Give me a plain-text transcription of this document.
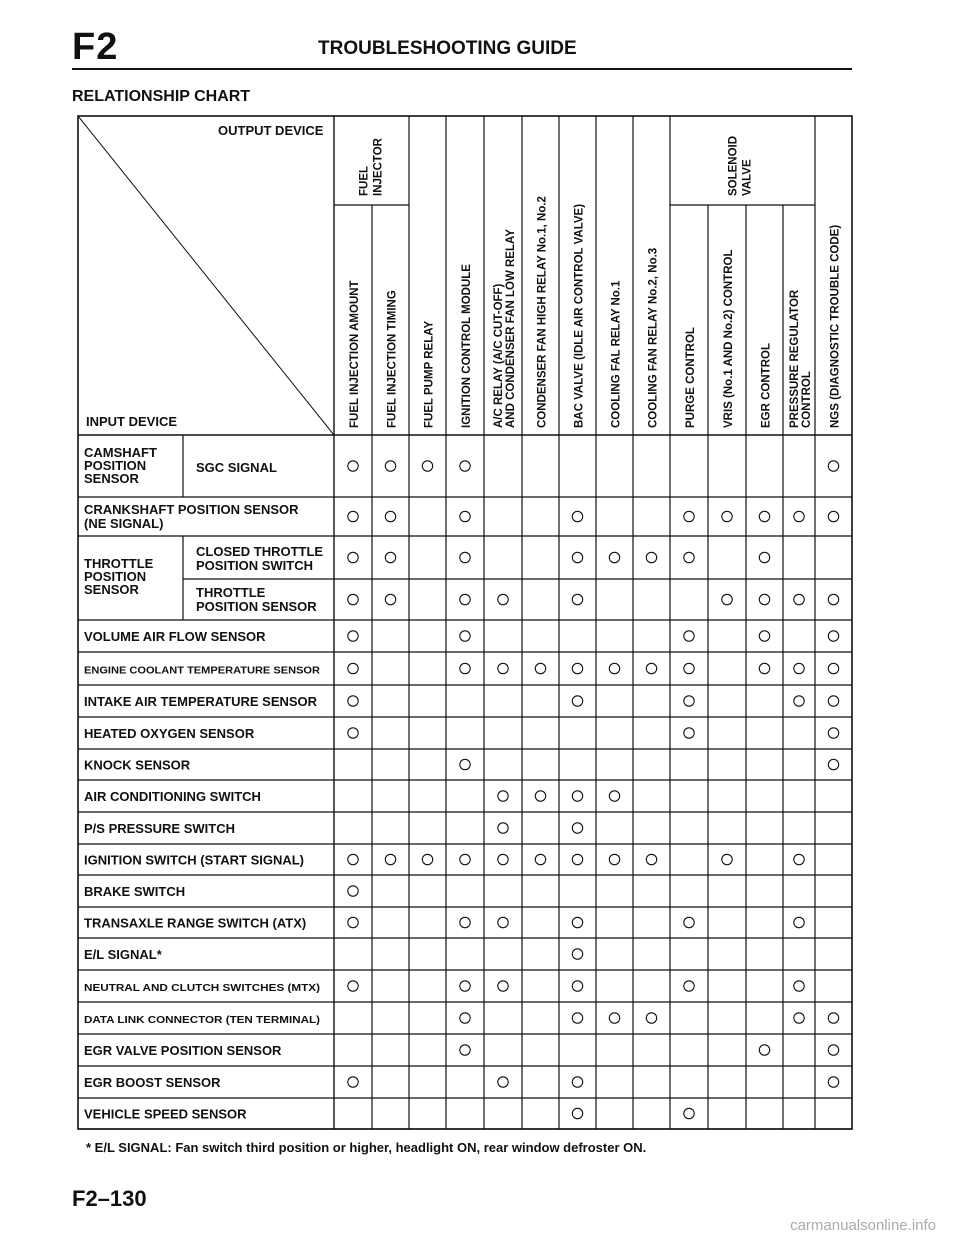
F2	TROUBLESHOOTING GUIDE
RELATIONSHIP CHART
OUTPUT DEVICE
INPUT DEVICE
FUEL INJECTOR	SOLENOID VALVE
FUEL INJECTION AMOUNT FUEL INJECTION TIMING FUEL PUMP RELAY IGNITION CONTROL MODULE A/C RELAY (A/C CUT-OFF) AND CONDENSER FAN LOW RELAY CONDENSER FAN HIGH RELAY No.1, No.2 BAC VALVE (IDLE AIR CONTROL VALVE) COOLING FAL RELAY No.1 COOLING FAN RELAY No.2, No.3 PURGE CONTROL VRIS (No.1 AND No.2) CONTROL EGR CONTROL PRESSURE REGULATOR CONTROL NGS (DIAGNOSTIC TROUBLE CODE)
CAMSHAFT
POSITION
SENSOR
SGC SIGNAL
CRANKSHAFT POSITION SENSOR
(NE SIGNAL)
THROTTLE
POSITION
SENSOR
CLOSED THROTTLE
POSITION SWITCH
THROTTLE
POSITION SENSOR
VOLUME AIR FLOW SENSOR
ENGINE COOLANT TEMPERATURE SENSOR
INTAKE AIR TEMPERATURE SENSOR
HEATED OXYGEN SENSOR
KNOCK SENSOR
AIR CONDITIONING SWITCH
P/S PRESSURE SWITCH
IGNITION SWITCH (START SIGNAL)
BRAKE SWITCH
TRANSAXLE RANGE SWITCH (ATX)
E/L SIGNAL*
NEUTRAL AND CLUTCH SWITCHES (MTX)
DATA LINK CONNECTOR (TEN TERMINAL)
EGR VALVE POSITION SENSOR
EGR BOOST SENSOR
VEHICLE SPEED SENSOR
* E/L SIGNAL: Fan switch third position or higher, headlight ON, rear window defroster ON.
F2–130
carmanualsonline.info
